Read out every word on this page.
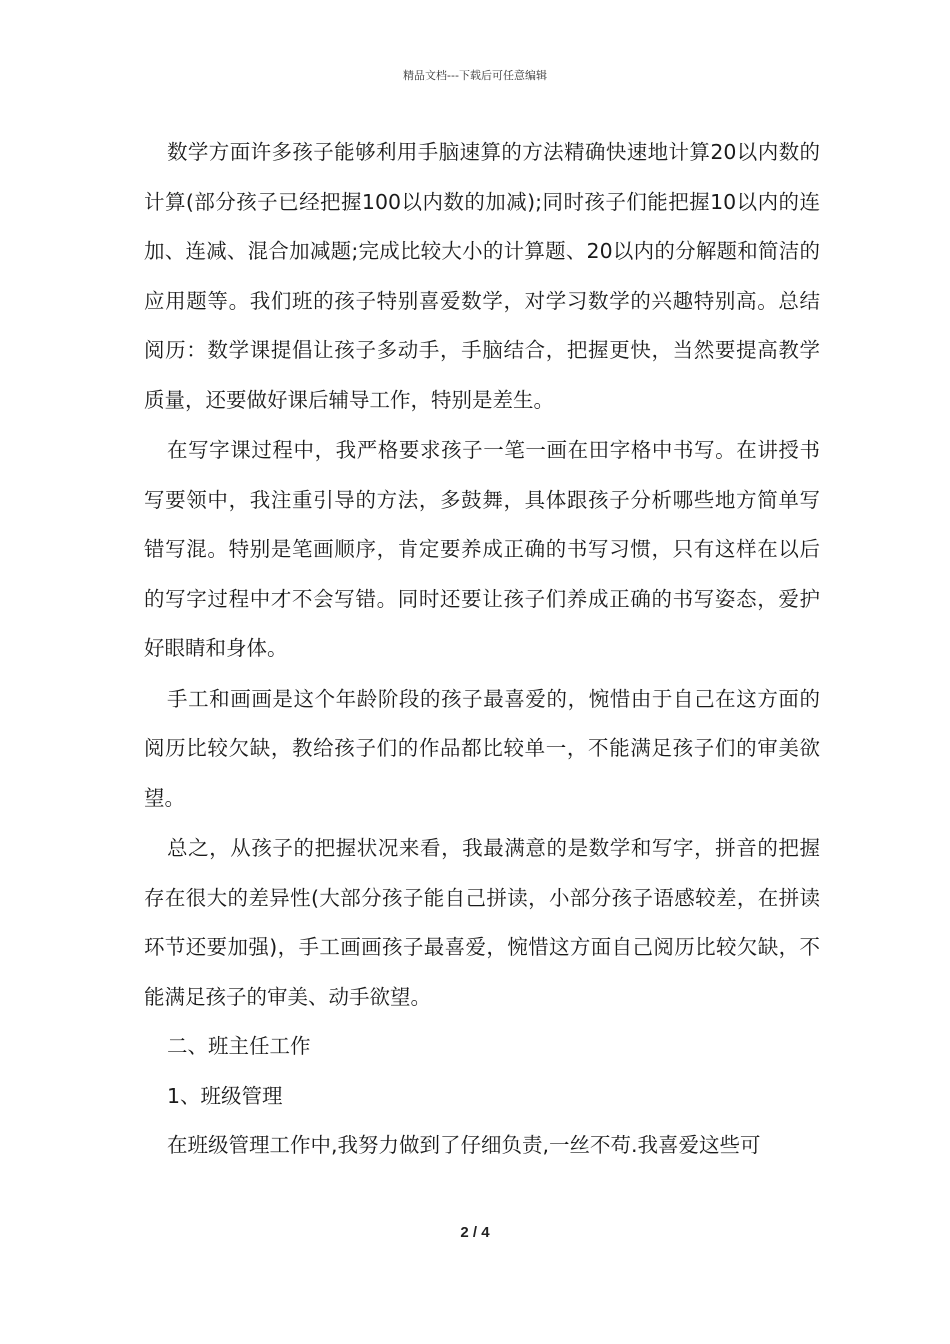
精品文档---下载后可任意编辑

数学方面许多孩子能够利用手脑速算的方法精确快速地计算20以内数的计算(部分孩子已经把握100以内数的加减);同时孩子们能把握10以内的连加、连减、混合加减题;完成比较大小的计算题、20以内的分解题和简洁的应用题等。我们班的孩子特别喜爱数学，对学习数学的兴趣特别高。总结阅历：数学课提倡让孩子多动手，手脑结合，把握更快，当然要提高教学质量，还要做好课后辅导工作，特别是差生。

在写字课过程中，我严格要求孩子一笔一画在田字格中书写。在讲授书写要领中，我注重引导的方法，多鼓舞，具体跟孩子分析哪些地方简单写错写混。特别是笔画顺序，肯定要养成正确的书写习惯，只有这样在以后的写字过程中才不会写错。同时还要让孩子们养成正确的书写姿态，爱护好眼睛和身体。

手工和画画是这个年龄阶段的孩子最喜爱的，惋惜由于自己在这方面的阅历比较欠缺，教给孩子们的作品都比较单一，不能满足孩子们的审美欲望。

总之，从孩子的把握状况来看，我最满意的是数学和写字，拼音的把握存在很大的差异性(大部分孩子能自己拼读，小部分孩子语感较差，在拼读环节还要加强)，手工画画孩子最喜爱，惋惜这方面自己阅历比较欠缺，不能满足孩子的审美、动手欲望。

二、班主任工作
1、班级管理

在班级管理工作中,我努力做到了仔细负责,一丝不苟.我喜爱这些可

2 / 4
